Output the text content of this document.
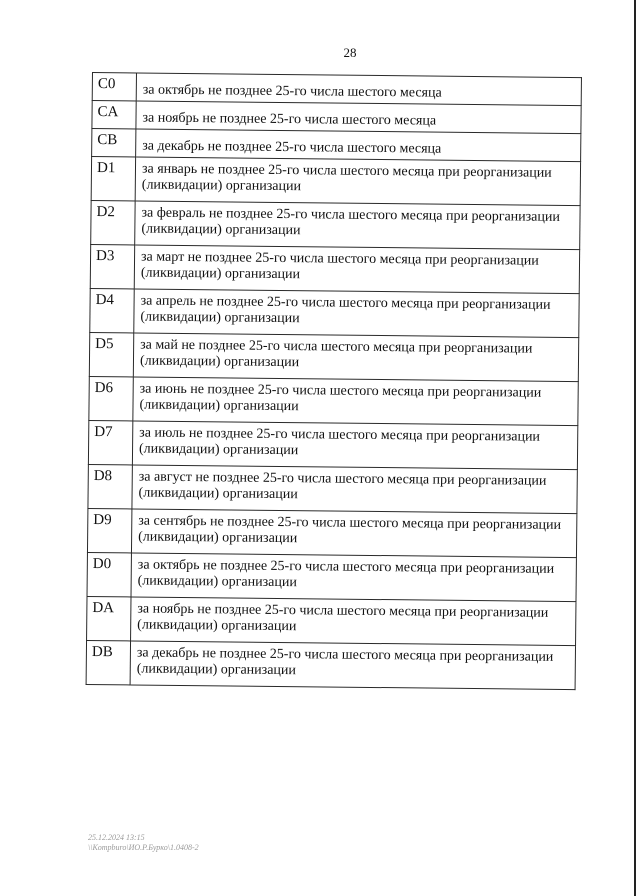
28
C0	за октябрь не позднее 25-го числа шестого месяца
CA	за ноябрь не позднее 25-го числа шестого месяца
CB	за декабрь не позднее 25-го числа шестого месяца
D1	за январь не позднее 25-го числа шестого месяца при реорганизации (ликвидации) организации
D2	за февраль не позднее 25-го числа шестого месяца при реорганизации (ликвидации) организации
D3	за март не позднее 25-го числа шестого месяца при реорганизации (ликвидации) организации
D4	за апрель не позднее 25-го числа шестого месяца при реорганизации (ликвидации) организации
D5	за май не позднее 25-го числа шестого месяца при реорганизации (ликвидации) организации
D6	за июнь не позднее 25-го числа шестого месяца при реорганизации (ликвидации) организации
D7	за июль не позднее 25-го числа шестого месяца при реорганизации (ликвидации) организации
D8	за август не позднее 25-го числа шестого месяца при реорганизации (ликвидации) организации
D9	за сентябрь не позднее 25-го числа шестого месяца при реорганизации (ликвидации) организации
D0	за октябрь не позднее 25-го числа шестого месяца при реорганизации (ликвидации) организации
DA	за ноябрь не позднее 25-го числа шестого месяца при реорганизации (ликвидации) организации
DB	за декабрь не позднее 25-го числа шестого месяца при реорганизации (ликвидации) организации
25.12.2024 13:15
\\Kompburo\ИО.Р.Бурко\1.0408-2
